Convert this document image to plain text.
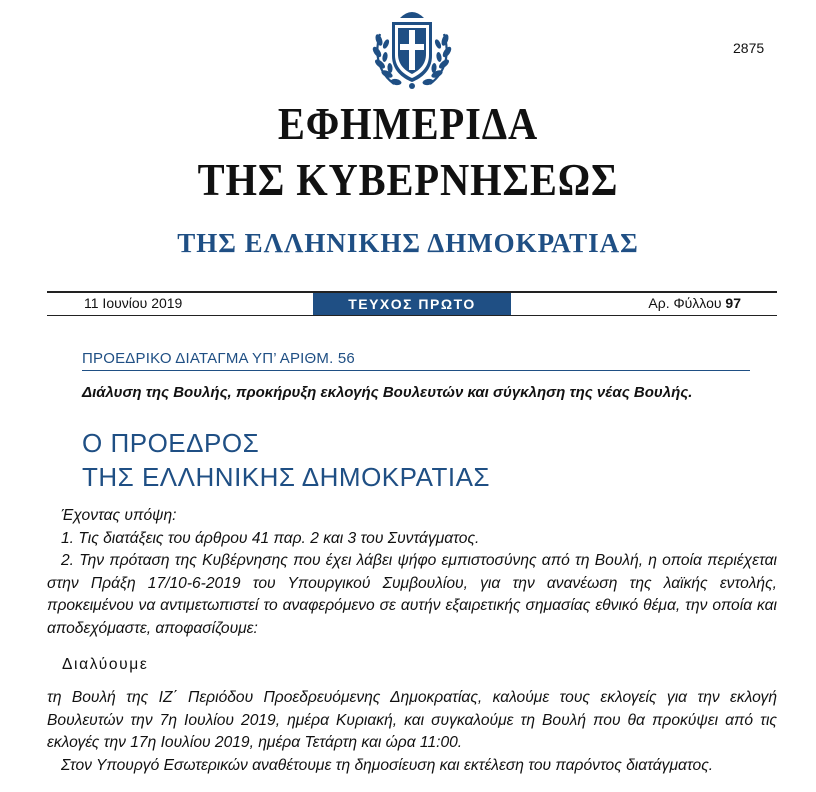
2875
ΕΦΗΜΕΡΙΔΑ
ΤΗΣ ΚΥΒΕΡΝΗΣΕΩΣ
ΤΗΣ ΕΛΛΗΝΙΚΗΣ ΔΗΜΟΚΡΑΤΙΑΣ
11 Ιουνίου 2019	ΤΕΥΧΟΣ ΠΡΩΤΟ	Αρ. Φύλλου 97
ΠΡΟΕΔΡΙΚΟ ΔΙΑΤΑΓΜΑ ΥΠ’ ΑΡΙΘΜ. 56
Διάλυση της Βουλής, προκήρυξη εκλογής Βουλευτών και σύγκληση της νέας Βουλής.
Ο ΠΡΟΕΔΡΟΣ
ΤΗΣ ΕΛΛΗΝΙΚΗΣ ΔΗΜΟΚΡΑΤΙΑΣ

Έχοντας υπόψη:

1. Τις διατάξεις του άρθρου 41 παρ. 2 και 3 του Συντάγματος.

2. Την πρόταση της Κυβέρνησης που έχει λάβει ψήφο εμπιστοσύνης από τη Βουλή, η οποία περιέχεται στην Πράξη 17/10-6-2019 του Υπουργικού Συμβουλίου, για την ανανέωση της λαϊκής εντολής, προκειμένου να αντιμετωπιστεί το αναφερόμενο σε αυτήν εξαιρετικής σημασίας εθνικό θέμα, την οποία και αποδεχόμαστε, αποφασίζουμε:

Διαλύουμε

τη Βουλή της ΙΖ΄ Περιόδου Προεδρευόμενης Δημοκρατίας, καλούμε τους εκλογείς για την εκλογή Βουλευτών την 7η Ιουλίου 2019, ημέρα Κυριακή, και συγκαλούμε τη Βουλή που θα προκύψει από τις εκλογές την 17η Ιουλίου 2019, ημέρα Τετάρτη και ώρα 11:00.

Στον Υπουργό Εσωτερικών αναθέτουμε τη δημοσίευση και εκτέλεση του παρόντος διατάγματος.
